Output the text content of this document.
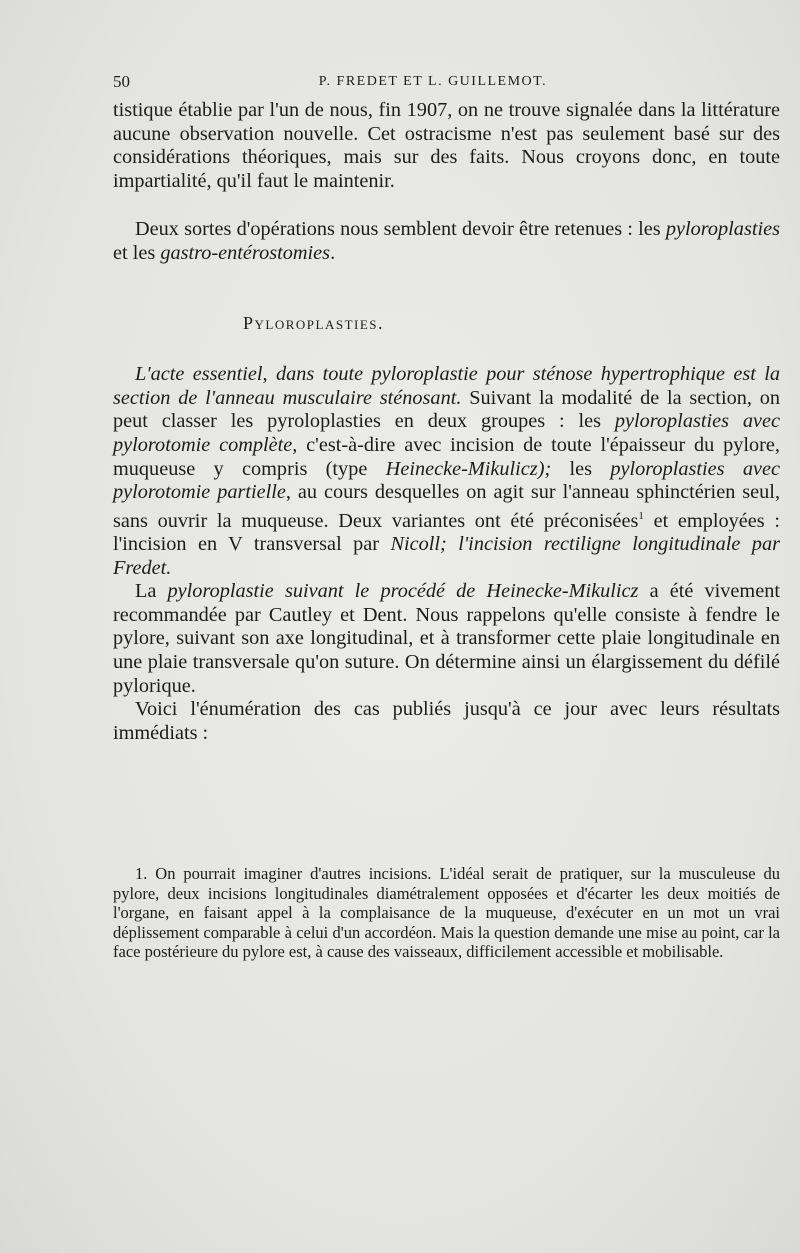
50	P. FREDET ET L. GUILLEMOT.

tistique établie par l'un de nous, fin 1907, on ne trouve signalée dans la littérature aucune observation nouvelle. Cet ostracisme n'est pas seulement basé sur des considérations théoriques, mais sur des faits. Nous croyons donc, en toute impartialité, qu'il faut le maintenir.

Deux sortes d'opérations nous semblent devoir être retenues : les pyloroplasties et les gastro-entérostomies.

Pyloroplasties.

L'acte essentiel, dans toute pyloroplastie pour sténose hypertrophique est la section de l'anneau musculaire sténosant. Suivant la modalité de la section, on peut classer les pyroloplasties en deux groupes : les pyloroplasties avec pylorotomie complète, c'est-à-dire avec incision de toute l'épaisseur du pylore, muqueuse y compris (type Heinecke-Mikulicz); les pyloroplasties avec pylorotomie partielle, au cours desquelles on agit sur l'anneau sphinctérien seul, sans ouvrir la muqueuse. Deux variantes ont été préconisées$^1$ et employées : l'incision en V transversal par Nicoll; l'incision rectiligne longitudinale par Fredet.

La pyloroplastie suivant le procédé de Heinecke-Mikulicz a été vivement recommandée par Cautley et Dent. Nous rappelons qu'elle consiste à fendre le pylore, suivant son axe longitudinal, et à transformer cette plaie longitudinale en une plaie transversale qu'on suture. On détermine ainsi un élargissement du défilé pylorique.

Voici l'énumération des cas publiés jusqu'à ce jour avec leurs résultats immédiats :

1. On pourrait imaginer d'autres incisions. L'idéal serait de pratiquer, sur la musculeuse du pylore, deux incisions longitudinales diamétralement opposées et d'écarter les deux moitiés de l'organe, en faisant appel à la complaisance de la muqueuse, d'exécuter en un mot un vrai déplissement comparable à celui d'un accordéon. Mais la question demande une mise au point, car la face postérieure du pylore est, à cause des vaisseaux, difficilement accessible et mobilisable.
